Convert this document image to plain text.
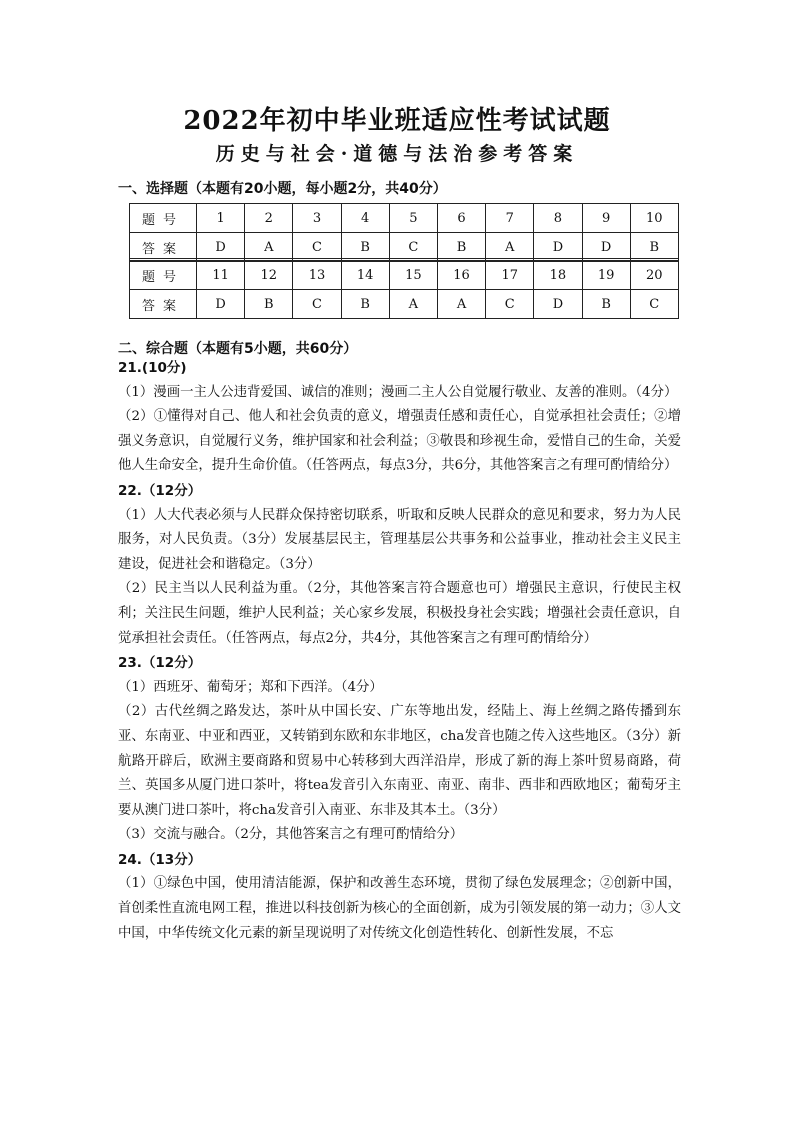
2022年初中毕业班适应性考试试题
历史与社会·道德与法治参考答案
一、选择题（本题有20小题，每小题2分，共40分）
题号	1	2	3	4	5	6	7	8	9	10
答案	D	A	C	B	C	B	A	D	D	B
题号	11	12	13	14	15	16	17	18	19	20
答案	D	B	C	B	A	A	C	D	B	C
二、综合题（本题有5小题，共60分）
21.(10分)
（1）漫画一主人公违背爱国、诚信的准则；漫画二主人公自觉履行敬业、友善的准则。（4分）
（2）①懂得对自己、他人和社会负责的意义，增强责任感和责任心，自觉承担社会责任；②增强义务意识，自觉履行义务，维护国家和社会利益；③敬畏和珍视生命，爱惜自己的生命，关爱他人生命安全，提升生命价值。（任答两点，每点3分，共6分，其他答案言之有理可酌情给分）
22.（12分）
（1）人大代表必须与人民群众保持密切联系，听取和反映人民群众的意见和要求，努力为人民服务，对人民负责。（3分）发展基层民主，管理基层公共事务和公益事业，推动社会主义民主建设，促进社会和谐稳定。（3分）
（2）民主当以人民利益为重。（2分，其他答案言符合题意也可）增强民主意识，行使民主权利；关注民生问题，维护人民利益；关心家乡发展，积极投身社会实践；增强社会责任意识，自觉承担社会责任。（任答两点，每点2分，共4分，其他答案言之有理可酌情给分）
23.（12分）
（1）西班牙、葡萄牙；郑和下西洋。（4分）
（2）古代丝绸之路发达，茶叶从中国长安、广东等地出发，经陆上、海上丝绸之路传播到东亚、东南亚、中亚和西亚，又转销到东欧和东非地区，cha发音也随之传入这些地区。（3分）新航路开辟后，欧洲主要商路和贸易中心转移到大西洋沿岸，形成了新的海上茶叶贸易商路，荷兰、英国多从厦门进口茶叶，将tea发音引入东南亚、南亚、南非、西非和西欧地区；葡萄牙主要从澳门进口茶叶，将cha发音引入南亚、东非及其本土。（3分）
（3）交流与融合。（2分，其他答案言之有理可酌情给分）
24.（13分）
（1）①绿色中国，使用清洁能源，保护和改善生态环境，贯彻了绿色发展理念；②创新中国，首创柔性直流电网工程，推进以科技创新为核心的全面创新，成为引领发展的第一动力；③人文中国，中华传统文化元素的新呈现说明了对传统文化创造性转化、创新性发展，不忘
